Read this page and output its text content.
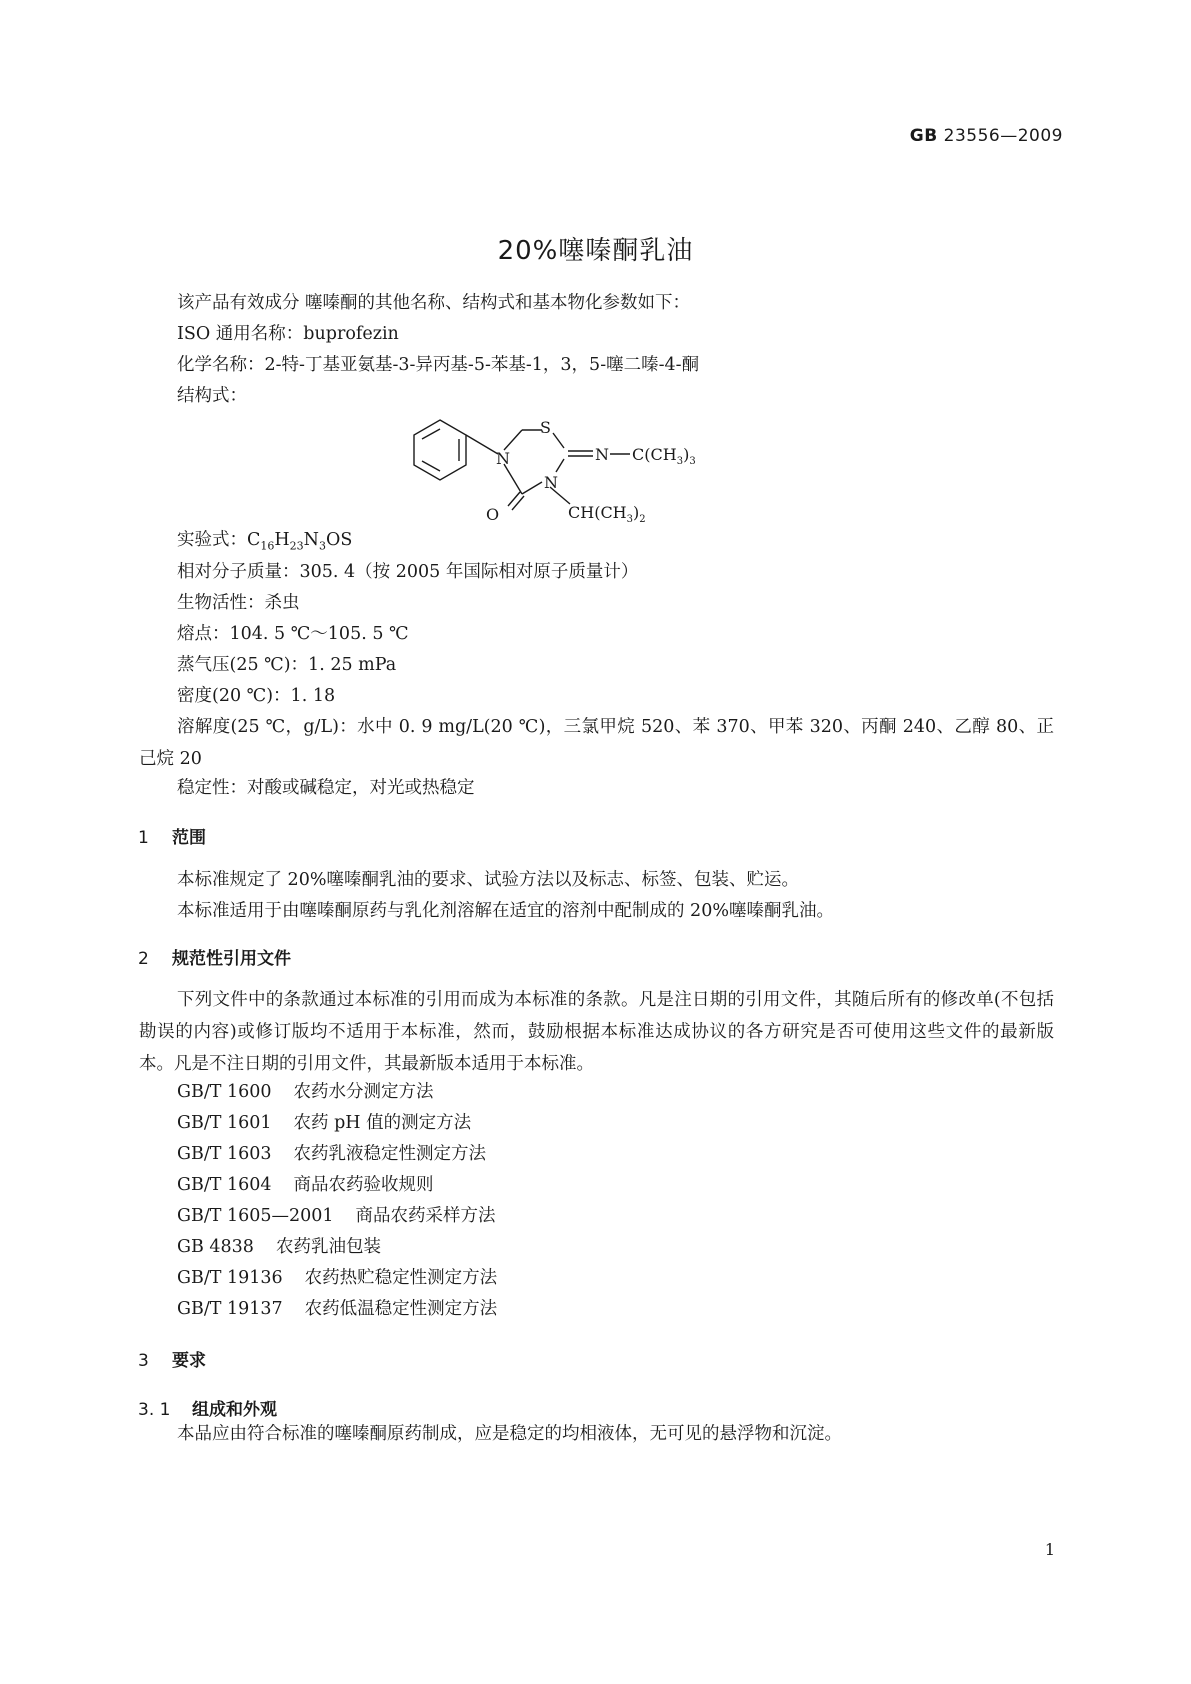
GB 23556—2009
20%噻嗪酮乳油
该产品有效成分 噻嗪酮的其他名称、结构式和基本物化参数如下：
ISO 通用名称：buprofezin
化学名称：2-特-丁基亚氨基-3-异丙基-5-苯基-1，3，5-噻二嗪-4-酮
结构式：
S
N
N
N
O
$C(CH_3)_3$
$CH(CH_3)_2$
实验式：$C_{16}H_{23}N_3OS$
相对分子质量：305. 4（按 2005 年国际相对原子质量计）
生物活性：杀虫
熔点：104. 5 ℃～105. 5 ℃
蒸气压(25 ℃)：1. 25 mPa
密度(20 ℃)：1. 18
溶解度(25 ℃，g/L)：水中 0. 9 mg/L(20 ℃)，三氯甲烷 520、苯 370、甲苯 320、丙酮 240、乙醇 80、正己烷 20
稳定性：对酸或碱稳定，对光或热稳定
1 范围
本标准规定了 20%噻嗪酮乳油的要求、试验方法以及标志、标签、包装、贮运。
本标准适用于由噻嗪酮原药与乳化剂溶解在适宜的溶剂中配制成的 20%噻嗪酮乳油。
2 规范性引用文件
下列文件中的条款通过本标准的引用而成为本标准的条款。凡是注日期的引用文件，其随后所有的修改单(不包括勘误的内容)或修订版均不适用于本标准，然而，鼓励根据本标准达成协议的各方研究是否可使用这些文件的最新版本。凡是不注日期的引用文件，其最新版本适用于本标准。
GB/T 1600 农药水分测定方法
GB/T 1601 农药 pH 值的测定方法
GB/T 1603 农药乳液稳定性测定方法
GB/T 1604 商品农药验收规则
GB/T 1605—2001 商品农药采样方法
GB 4838 农药乳油包装
GB/T 19136 农药热贮稳定性测定方法
GB/T 19137 农药低温稳定性测定方法
3 要求
3. 1 组成和外观
本品应由符合标准的噻嗪酮原药制成，应是稳定的均相液体，无可见的悬浮物和沉淀。
1
